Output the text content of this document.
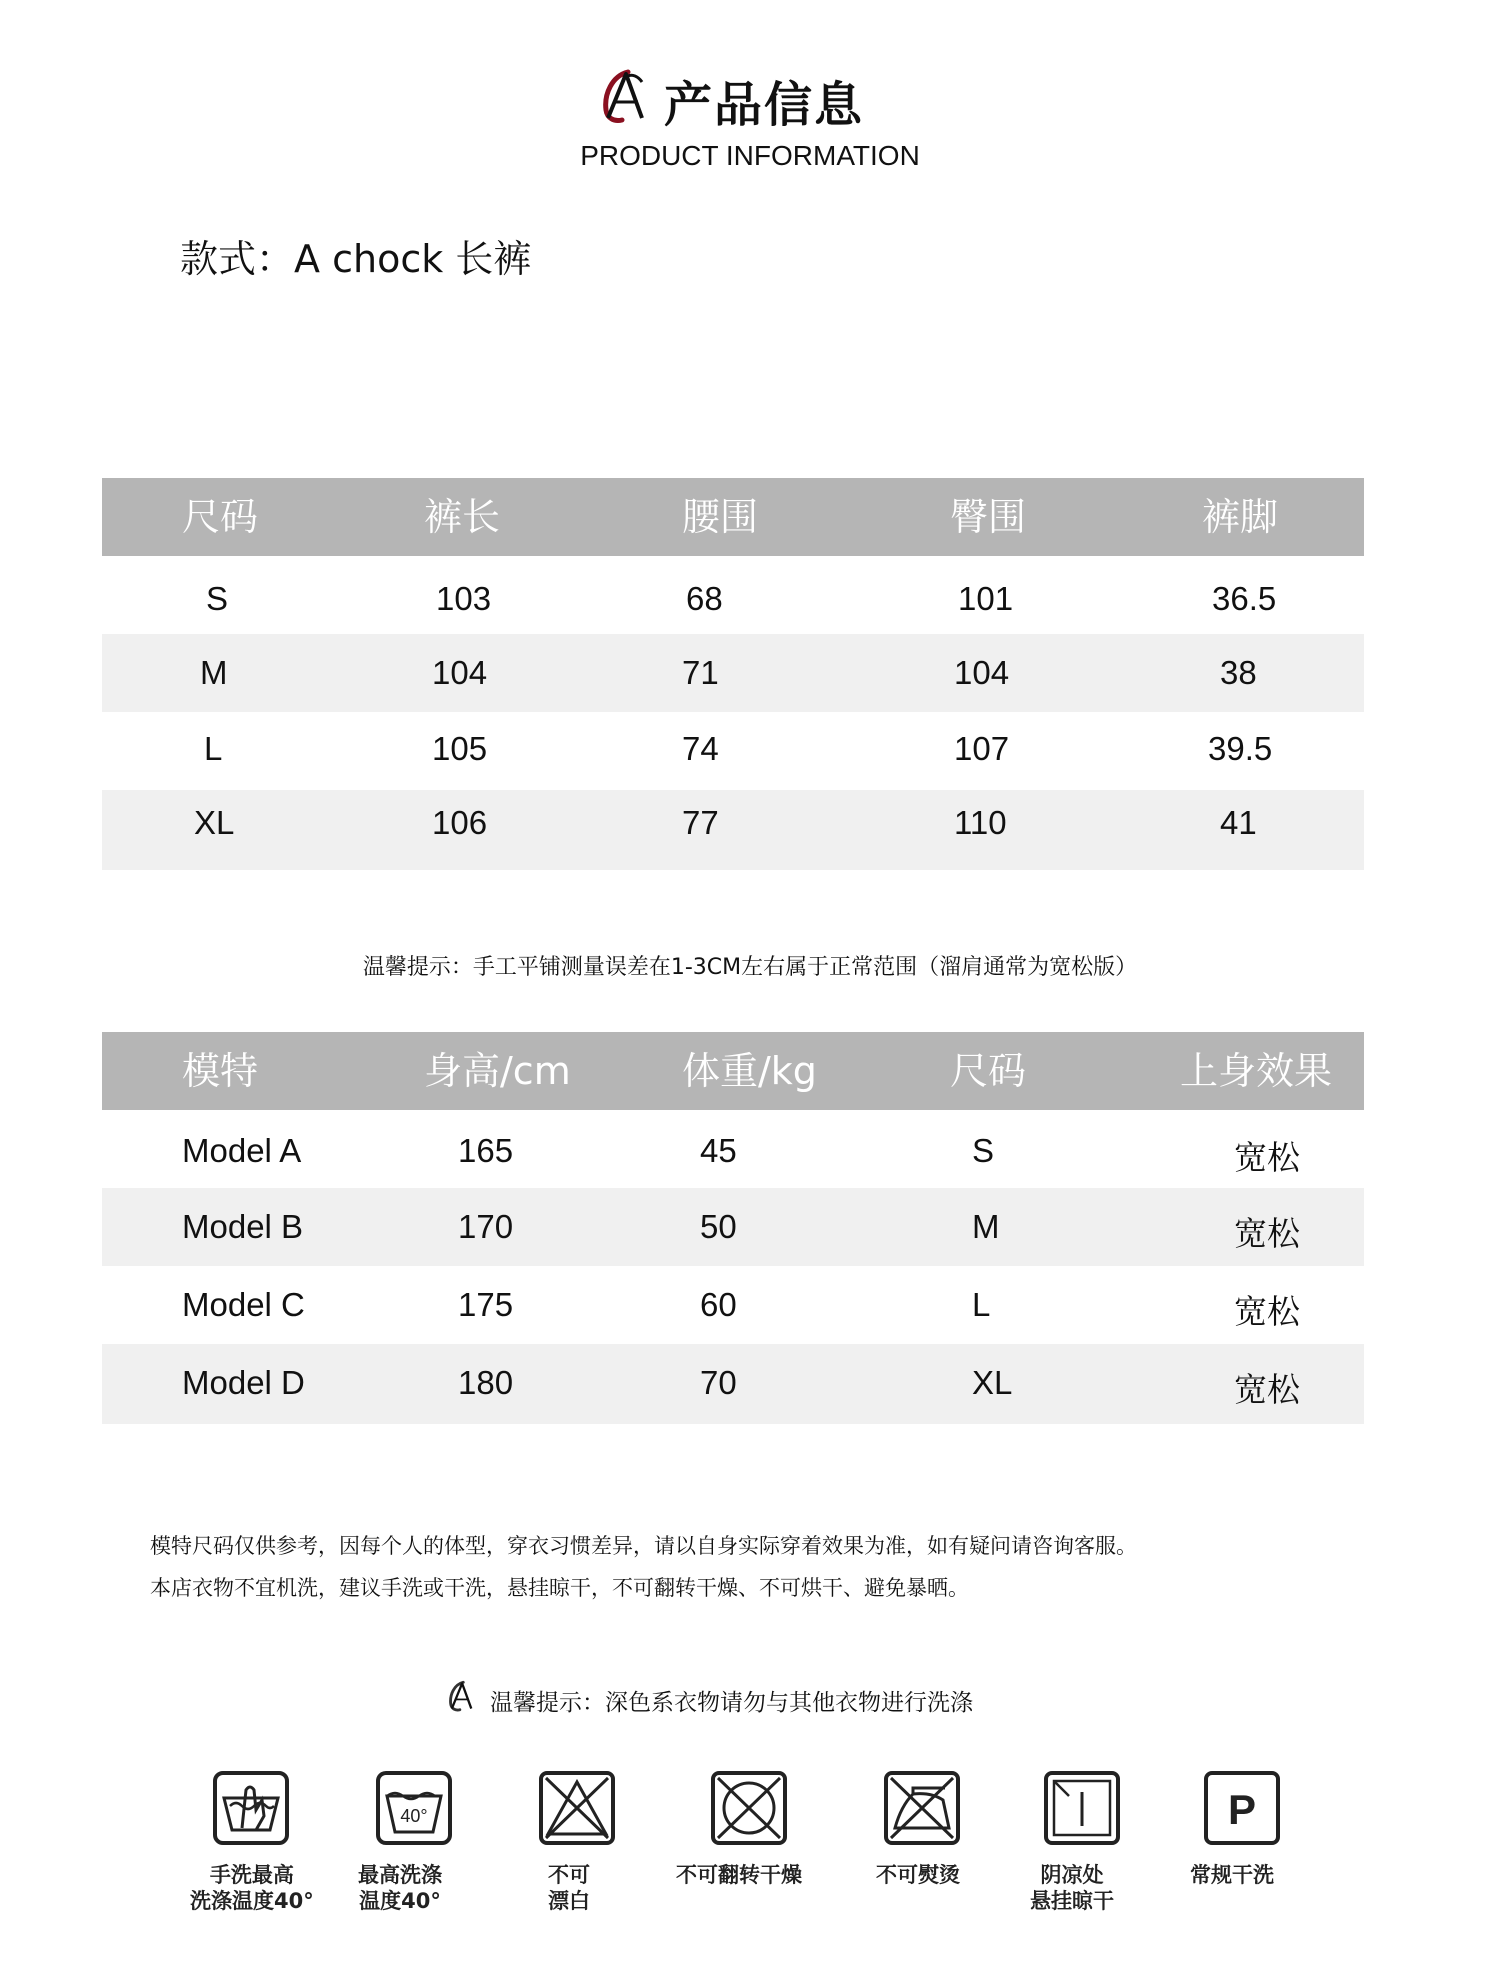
产品信息
PRODUCT INFORMATION
款式：A chock 长裤
尺码	裤长	腰围	臀围	裤脚
S	103	68	101	36.5
M	104	71	104	38
L	105	74	107	39.5
XL	106	77	110	41
温馨提示：手工平铺测量误差在1-3CM左右属于正常范围（溜肩通常为宽松版）
模特	身高/cm	体重/kg	尺码	上身效果
Model A	165	45	S	宽松
Model B	170	50	M	宽松
Model C	175	60	L	宽松
Model D	180	70	XL	宽松
模特尺码仅供参考，因每个人的体型，穿衣习惯差异，请以自身实际穿着效果为准，如有疑问请咨询客服。
本店衣物不宜机洗，建议手洗或干洗，悬挂晾干，不可翻转干燥、不可烘干、避免暴晒。
温馨提示：深色系衣物请勿与其他衣物进行洗涤
手洗最高
洗涤温度40°
40°
最高洗涤
温度40°
不可
漂白
不可翻转干燥	不可熨烫	阴凉处
悬挂晾干
P
常规干洗
